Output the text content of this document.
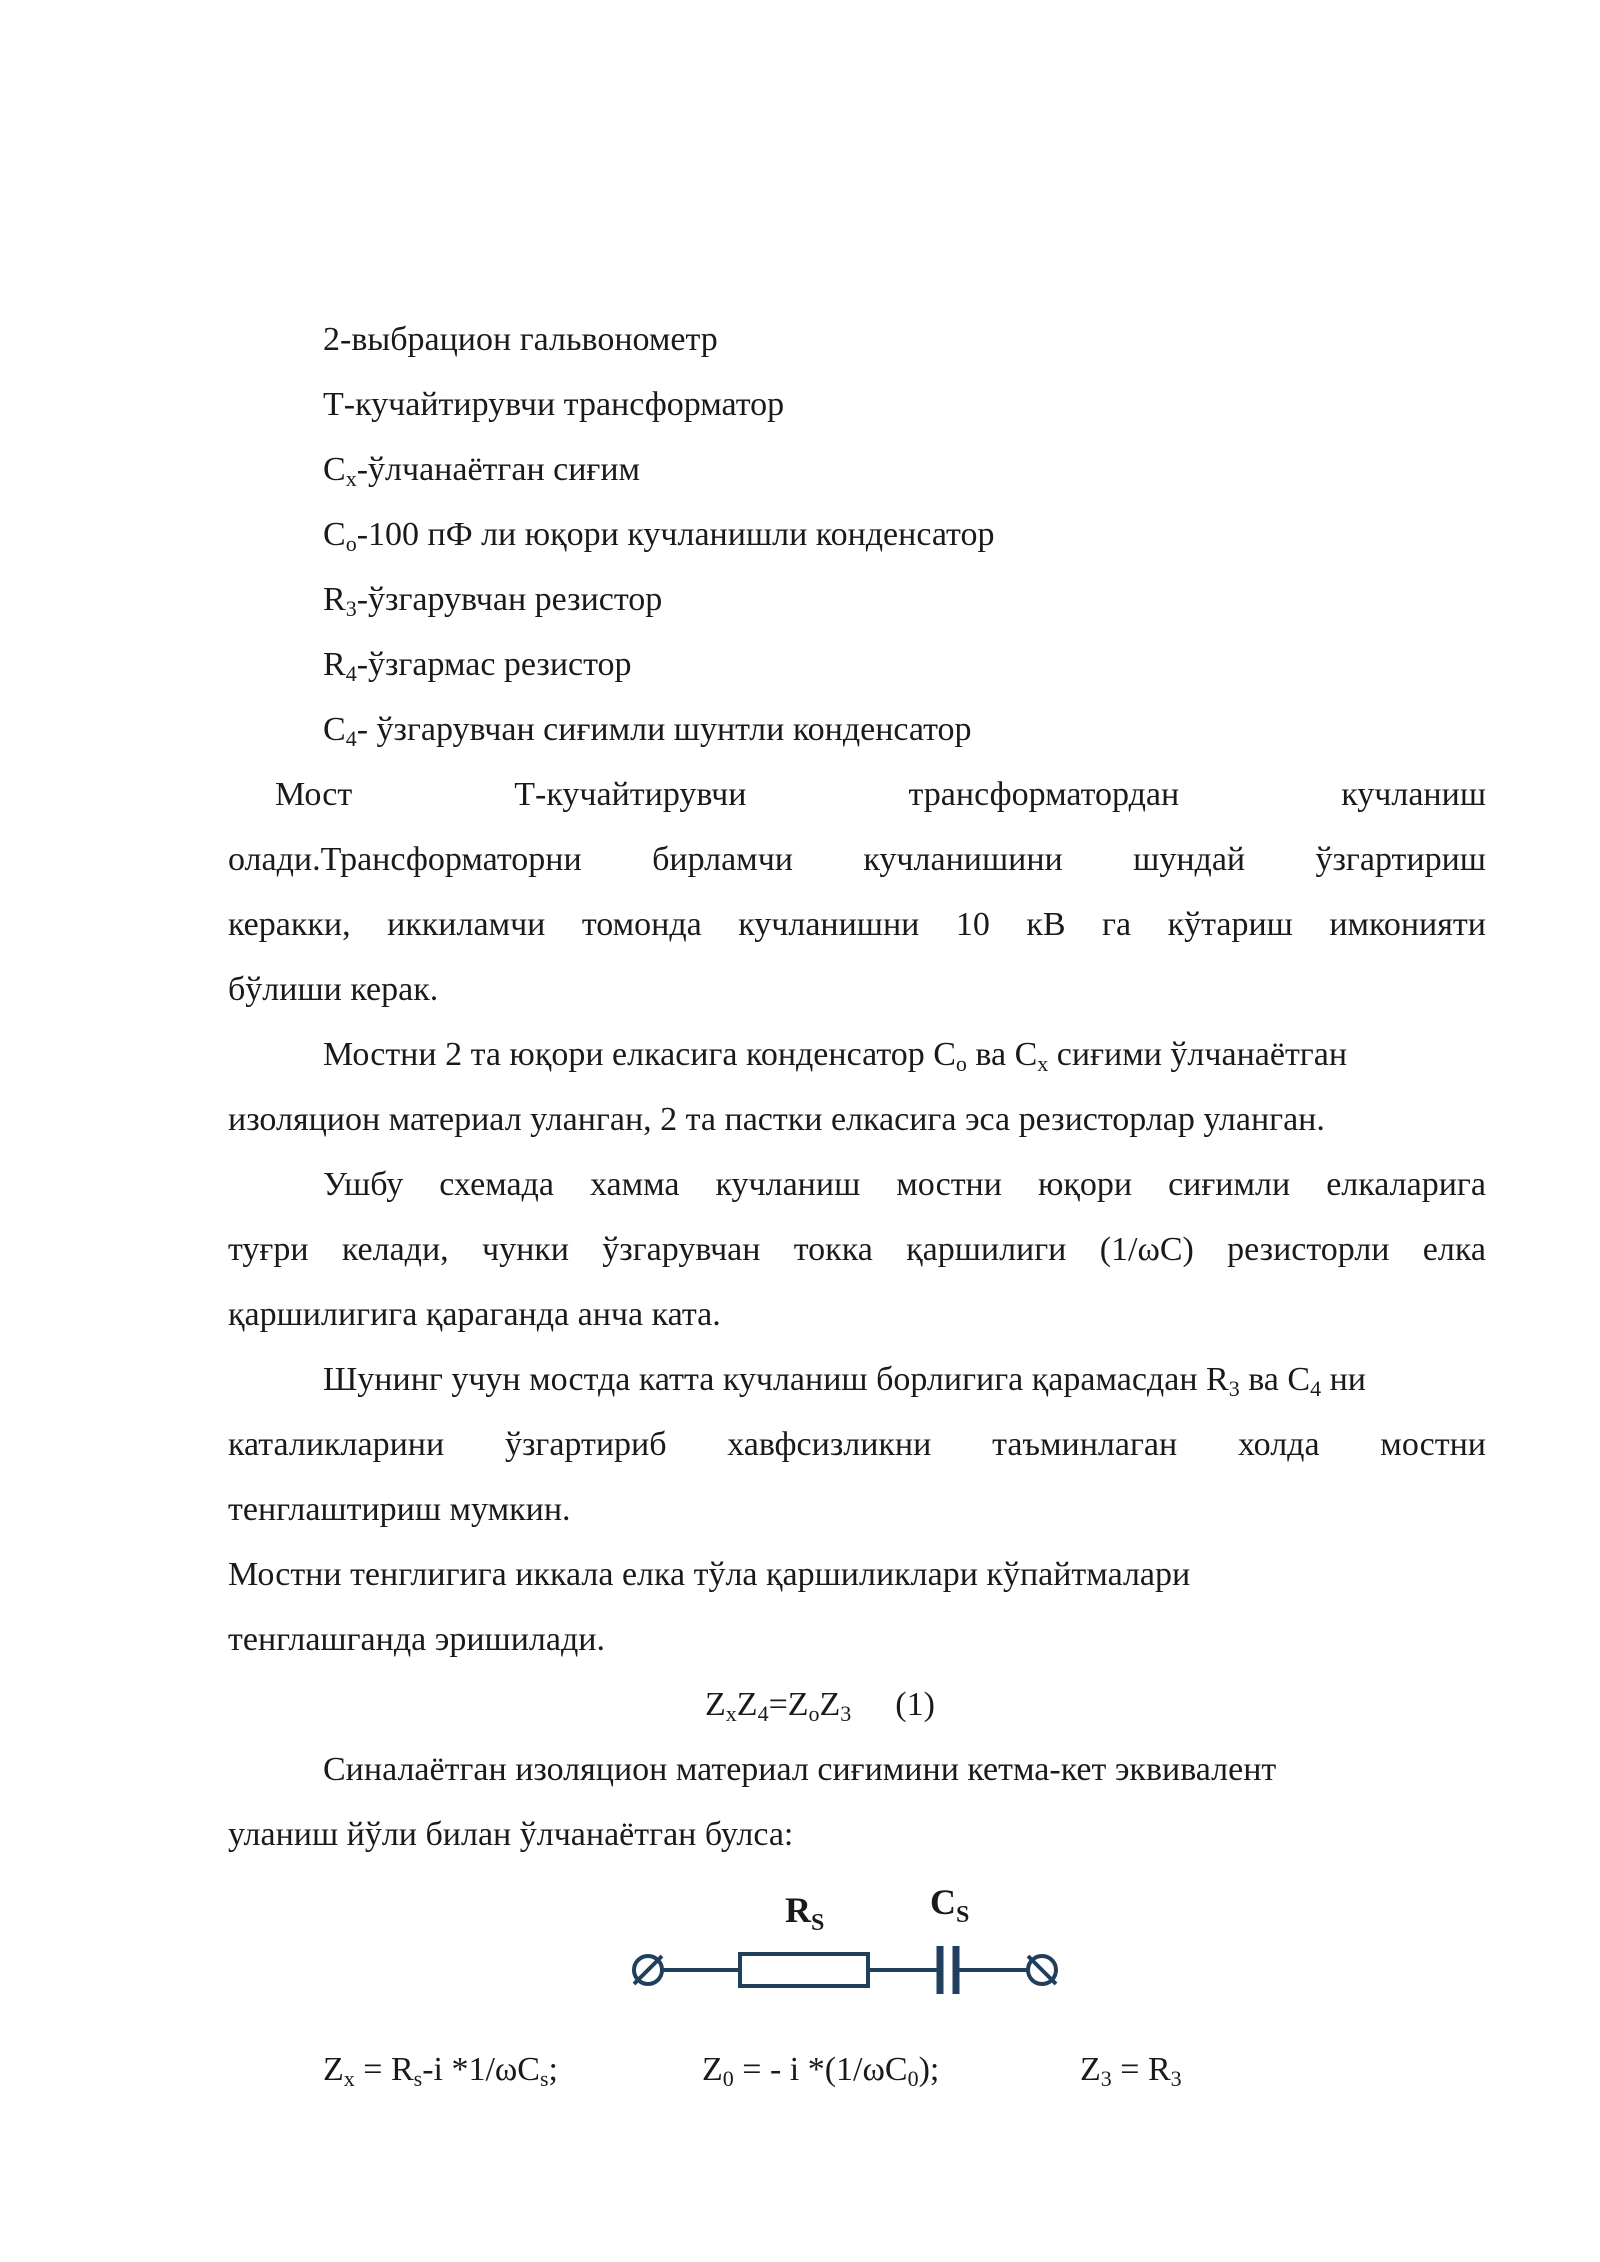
2-выбрацион гальвонометр
Т-кучайтирувчи трансформатор
$C_x$-ўлчанаётган сиғим
$C_o-100$ пФ ли юқори кучланишли конденсатор
$R_3$-ўзгарувчан резистор
$R_4$-ўзгармас резистор
$C_4-$ ўзгарувчан сиғимли шунтли конденсатор
Мост	Т-кучайтирувчи	трансформатордан	кучланиш
олади.Трансформаторни бирламчи кучланишини шундай ўзгартириш
керакки, иккиламчи томонда кучланишни 10 кВ га кўтариш имконияти
бўлиши керак.
Мостни 2 та юқори елкасига конденсатор $C_o$ ва $C_x$ сиғими ўлчанаётган
изоляцион материал уланган, 2 та пастки елкасига эса резисторлар уланган.
Ушбу схемада хамма кучланиш мостни юқори сиғимли елкаларига
туғри келади, чунки ўзгарувчан токка қаршилиги (1/ωC) резисторли елка
қаршилигига қараганда анча ката.
Шунинг учун мостда катта кучланиш борлигига қарамасдан $R_3$ ва $C_4$ ни
каталикларини ўзгартириб хавфсизликни таъминлаган холда мостни
тенглаштириш мумкин.
Мостни тенглигига иккала елка тўла қаршиликлари кўпайтмалари
тенглашганда эришилади.
$Z_xZ_4=Z_oZ_3$ (1)
Синалаётган изоляцион материал сиғимини кетма-кет эквивалент
уланиш йўли билан ўлчанаётган булса:
$R_S$
$C_S$
$Z_x = R_s-i$ $*1/\omega C_s$;	$Z_0$ = - i $*(1/\omega C_0)$;	$Z_3 = R_3$
